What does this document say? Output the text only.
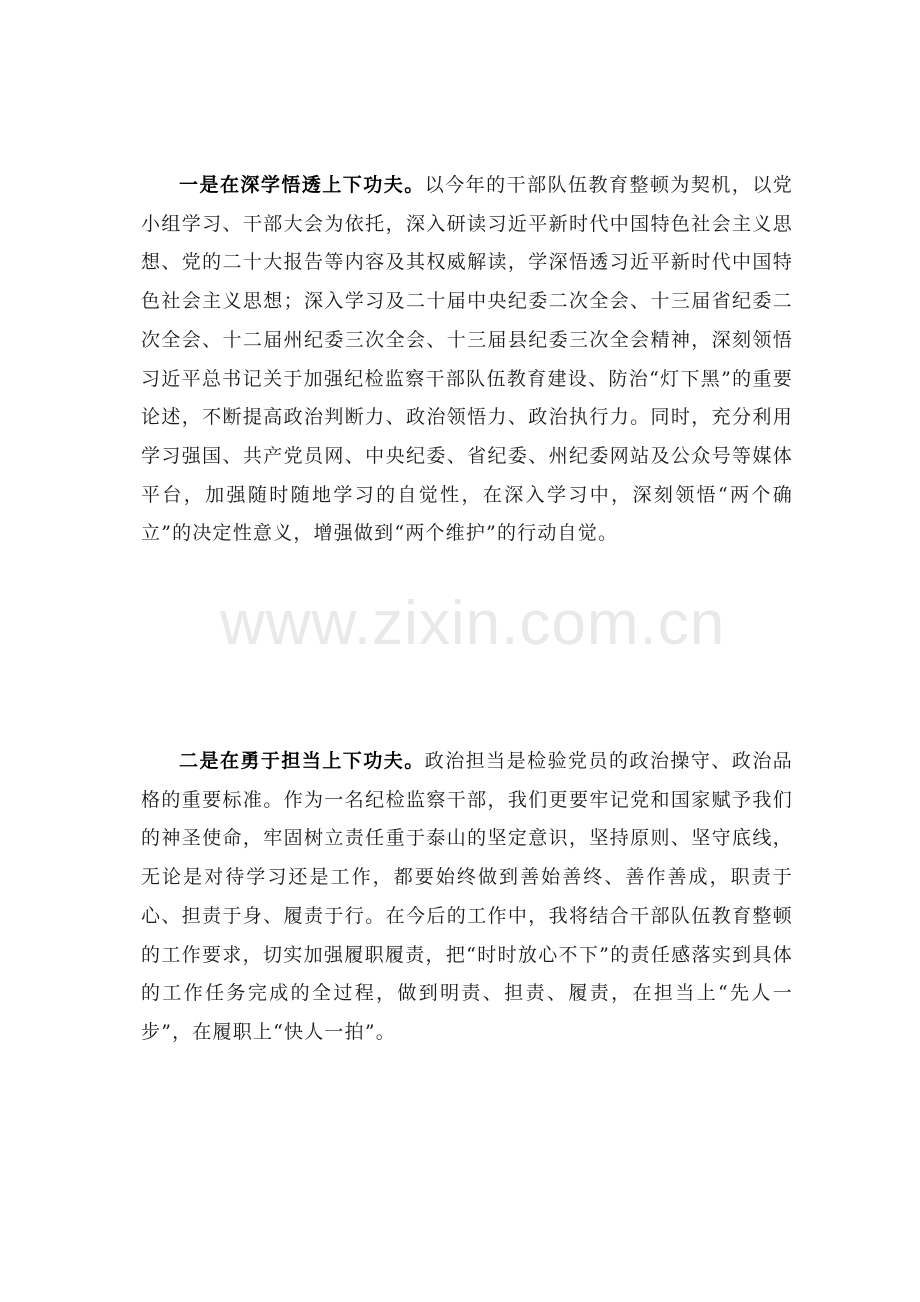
www.zixin.com.cn

一是在深学悟透上下功夫。以今年的干部队伍教育整顿为契机，以党小组学习、干部大会为依托，深入研读习近平新时代中国特色社会主义思想、党的二十大报告等内容及其权威解读，学深悟透习近平新时代中国特色社会主义思想；深入学习及二十届中央纪委二次全会、十三届省纪委二次全会、十二届州纪委三次全会、十三届县纪委三次全会精神，深刻领悟习近平总书记关于加强纪检监察干部队伍教育建设、防治“灯下黑”的重要论述，不断提高政治判断力、政治领悟力、政治执行力。同时，充分利用学习强国、共产党员网、中央纪委、省纪委、州纪委网站及公众号等媒体平台，加强随时随地学习的自觉性，在深入学习中，深刻领悟“两个确立”的决定性意义，增强做到“两个维护”的行动自觉。

二是在勇于担当上下功夫。政治担当是检验党员的政治操守、政治品格的重要标准。作为一名纪检监察干部，我们更要牢记党和国家赋予我们的神圣使命，牢固树立责任重于泰山的坚定意识，坚持原则、坚守底线，无论是对待学习还是工作，都要始终做到善始善终、善作善成，职责于心、担责于身、履责于行。在今后的工作中，我将结合干部队伍教育整顿的工作要求，切实加强履职履责，把“时时放心不下”的责任感落实到具体的工作任务完成的全过程，做到明责、担责、履责，在担当上“先人一步”，在履职上“快人一拍”。
